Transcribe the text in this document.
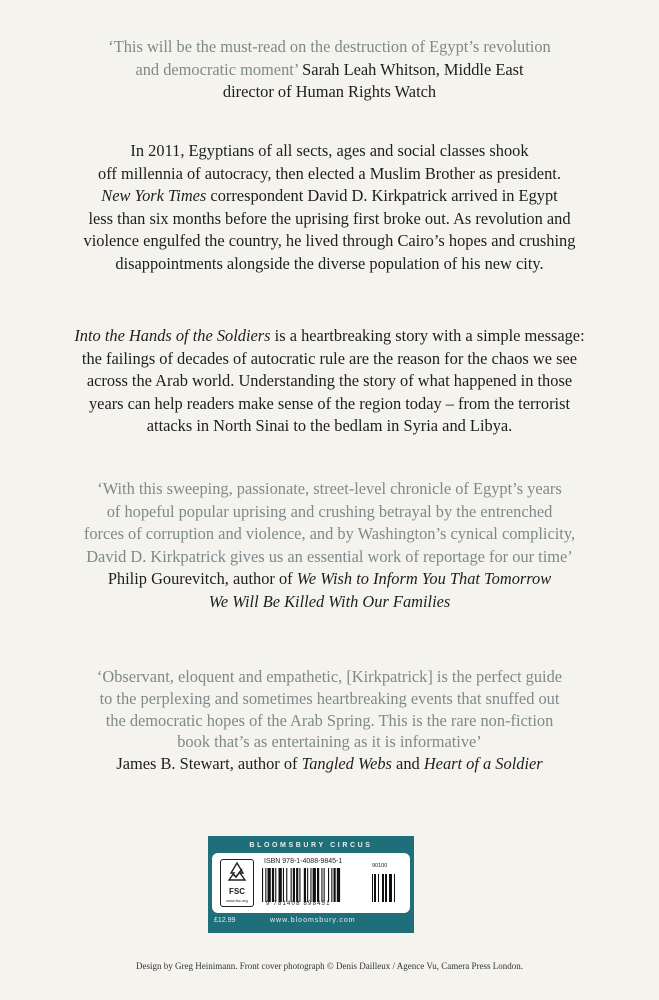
‘This will be the must-read on the destruction of Egypt’s revolution
and democratic moment’ Sarah Leah Whitson, Middle East
director of Human Rights Watch
In 2011, Egyptians of all sects, ages and social classes shook
off millennia of autocracy, then elected a Muslim Brother as president.
New York Times correspondent David D. Kirkpatrick arrived in Egypt
less than six months before the uprising first broke out. As revolution and
violence engulfed the country, he lived through Cairo’s hopes and crushing
disappointments alongside the diverse population of his new city.
Into the Hands of the Soldiers is a heartbreaking story with a simple message:
the failings of decades of autocratic rule are the reason for the chaos we see
across the Arab world. Understanding the story of what happened in those
years can help readers make sense of the region today – from the terrorist
attacks in North Sinai to the bedlam in Syria and Libya.
‘With this sweeping, passionate, street-level chronicle of Egypt’s years
of hopeful popular uprising and crushing betrayal by the entrenched
forces of corruption and violence, and by Washington’s cynical complicity,
David D. Kirkpatrick gives us an essential work of reportage for our time’
Philip Gourevitch, author of We Wish to Inform You That Tomorrow
We Will Be Killed With Our Families
‘Observant, eloquent and empathetic, [Kirkpatrick] is the perfect guide
to the perplexing and sometimes heartbreaking events that snuffed out
the democratic hopes of the Arab Spring. This is the rare non-fiction
book that’s as entertaining as it is informative’
James B. Stewart, author of Tangled Webs and Heart of a Soldier
BLOOMSBURY CIRCUS
FSC
www.fsc.org
ISBN 978-1-4088-9845-1
90100
9 781408 898451
£12.99	www.bloomsbury.com
Design by Greg Heinimann. Front cover photograph © Denis Dailleux / Agence Vu, Camera Press London.
